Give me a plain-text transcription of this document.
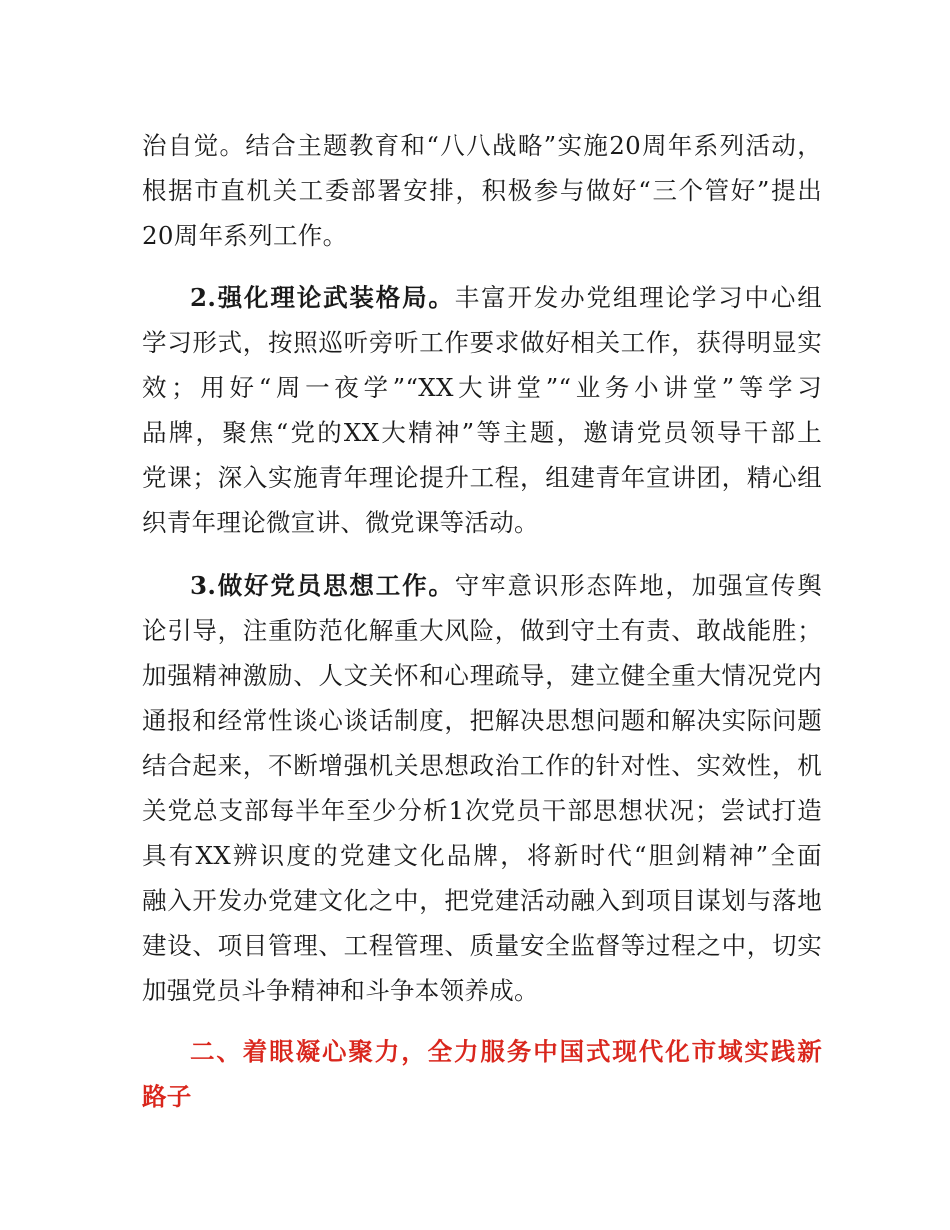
治自觉。结合主题教育和“八八战略”实施20周年系列活动，
根据市直机关工委部署安排，积极参与做好“三个管好”提出
20周年系列工作。
2.强化理论武装格局。丰富开发办党组理论学习中心组
学习形式，按照巡听旁听工作要求做好相关工作，获得明显实
效；用好“周一夜学”“XX大讲堂”“业务小讲堂”等学习
品牌，聚焦“党的XX大精神”等主题，邀请党员领导干部上
党课；深入实施青年理论提升工程，组建青年宣讲团，精心组
织青年理论微宣讲、微党课等活动。
3.做好党员思想工作。守牢意识形态阵地，加强宣传舆
论引导，注重防范化解重大风险，做到守土有责、敢战能胜；
加强精神激励、人文关怀和心理疏导，建立健全重大情况党内
通报和经常性谈心谈话制度，把解决思想问题和解决实际问题
结合起来，不断增强机关思想政治工作的针对性、实效性，机
关党总支部每半年至少分析1次党员干部思想状况；尝试打造
具有XX辨识度的党建文化品牌，将新时代“胆剑精神”全面
融入开发办党建文化之中，把党建活动融入到项目谋划与落地
建设、项目管理、工程管理、质量安全监督等过程之中，切实
加强党员斗争精神和斗争本领养成。
二、着眼凝心聚力，全力服务中国式现代化市域实践新
路子
